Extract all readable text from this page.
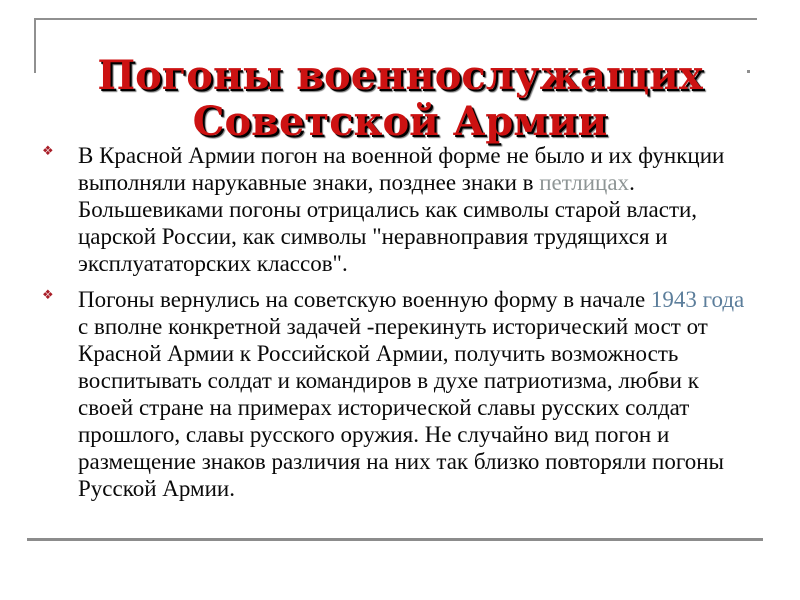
Погоны военнослужащих
Советской Армии
❖ В Красной Армии погон на военной форме не было и их функции выполняли нарукавные знаки, позднее знаки в петлицах. Большевиками погоны отрицались как символы старой власти, царской России, как символы "неравноправия трудящихся и эксплуататорских классов".
❖ Погоны вернулись на советскую военную форму в начале 1943 года с вполне конкретной задачей -перекинуть исторический мост от Красной Армии к Российской Армии, получить возможность воспитывать солдат и командиров в духе патриотизма, любви к своей стране на примерах исторической славы русских солдат прошлого, славы русского оружия. Не случайно вид погон и размещение знаков различия на них так близко повторяли погоны Русской Армии.
